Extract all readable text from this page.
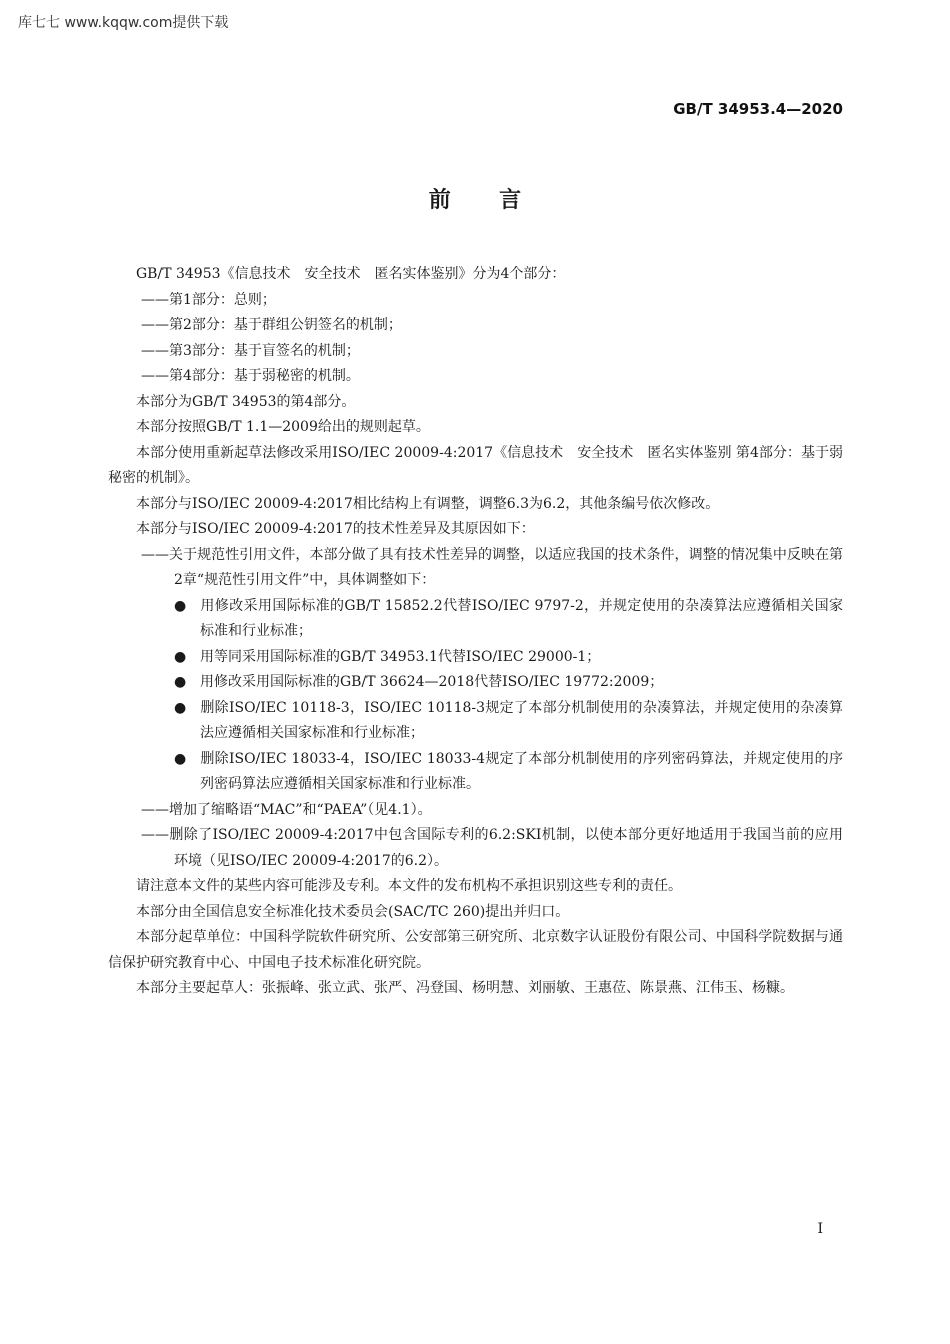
库七七 www.kqqw.com提供下载
GB/T 34953.4—2020
前言
GB/T 34953《信息技术　安全技术　匿名实体鉴别》分为4个部分：
——第1部分：总则；
——第2部分：基于群组公钥签名的机制；
——第3部分：基于盲签名的机制；
——第4部分：基于弱秘密的机制。
本部分为GB/T 34953的第4部分。
本部分按照GB/T 1.1—2009给出的规则起草。
本部分使用重新起草法修改采用ISO/IEC 20009-4:2017《信息技术　安全技术　匿名实体鉴别 第4部分：基于弱秘密的机制》。
本部分与ISO/IEC 20009-4:2017相比结构上有调整，调整6.3为6.2，其他条编号依次修改。
本部分与ISO/IEC 20009-4:2017的技术性差异及其原因如下：
——关于规范性引用文件，本部分做了具有技术性差异的调整，以适应我国的技术条件，调整的情况集中反映在第2章“规范性引用文件”中，具体调整如下：
● 用修改采用国际标准的GB/T 15852.2代替ISO/IEC 9797-2，并规定使用的杂凑算法应遵循相关国家标准和行业标准；
● 用等同采用国际标准的GB/T 34953.1代替ISO/IEC 29000-1；
● 用修改采用国际标准的GB/T 36624—2018代替ISO/IEC 19772:2009；
● 删除ISO/IEC 10118-3，ISO/IEC 10118-3规定了本部分机制使用的杂凑算法，并规定使用的杂凑算法应遵循相关国家标准和行业标准；
● 删除ISO/IEC 18033-4，ISO/IEC 18033-4规定了本部分机制使用的序列密码算法，并规定使用的序列密码算法应遵循相关国家标准和行业标准。
——增加了缩略语“MAC”和“PAEA”（见4.1）。
——删除了ISO/IEC 20009-4:2017中包含国际专利的6.2:SKI机制，以使本部分更好地适用于我国当前的应用环境（见ISO/IEC 20009-4:2017的6.2）。
请注意本文件的某些内容可能涉及专利。本文件的发布机构不承担识别这些专利的责任。
本部分由全国信息安全标准化技术委员会(SAC/TC 260)提出并归口。
本部分起草单位：中国科学院软件研究所、公安部第三研究所、北京数字认证股份有限公司、中国科学院数据与通信保护研究教育中心、中国电子技术标准化研究院。
本部分主要起草人：张振峰、张立武、张严、冯登国、杨明慧、刘丽敏、王惠莅、陈景燕、江伟玉、杨糠。
I
